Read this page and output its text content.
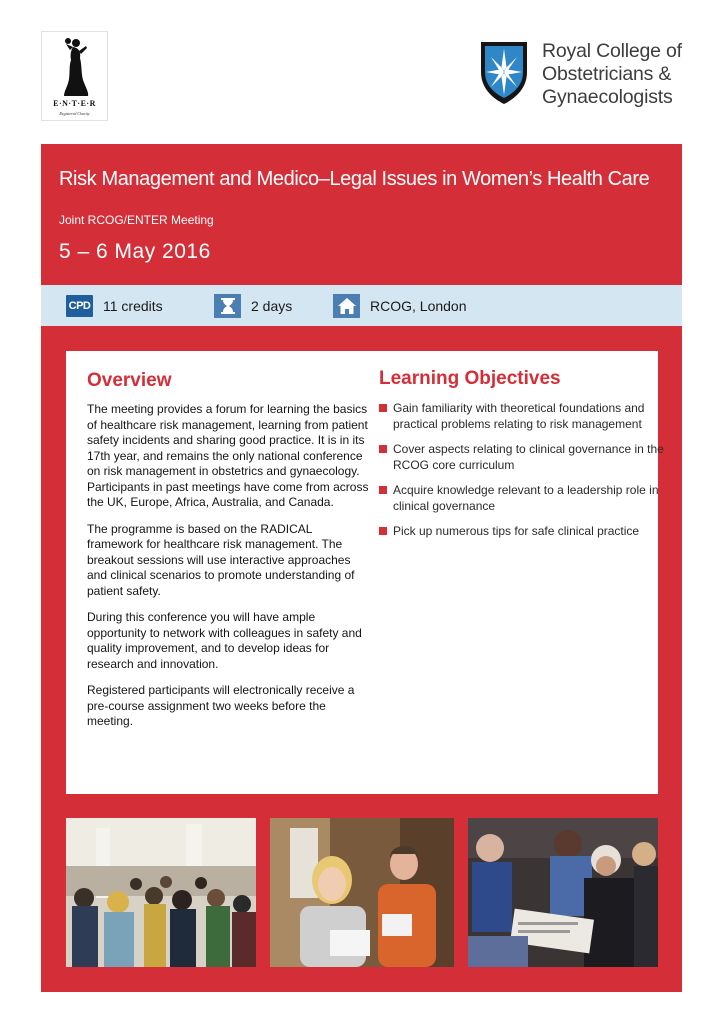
E·N·T·E·R
Registered Charity
Royal College of
Obstetricians &
Gynaecologists
Risk Management and Medico–Legal Issues in Women’s Health Care
Joint RCOG/ENTER Meeting
5 – 6 May 2016
CPD 11 credits	2 days	RCOG, London
Overview

The meeting provides a forum for learning the basics of healthcare risk management, learning from patient safety incidents and sharing good practice. It is in its 17th year, and remains the only national conference on risk management in obstetrics and gynaecology. Participants in past meetings have come from across the UK, Europe, Africa, Australia, and Canada.

The programme is based on the RADICAL framework for healthcare risk management. The breakout sessions will use interactive approaches and clinical scenarios to promote understanding of patient safety.

During this conference you will have ample opportunity to network with colleagues in safety and quality improvement, and to develop ideas for research and innovation.

Registered participants will electronically receive a pre-course assignment two weeks before the meeting.

Learning Objectives
Gain familiarity with theoretical foundations and practical problems relating to risk management
Cover aspects relating to clinical governance in the RCOG core curriculum
Acquire knowledge relevant to a leadership role in clinical governance
Pick up numerous tips for safe clinical practice
